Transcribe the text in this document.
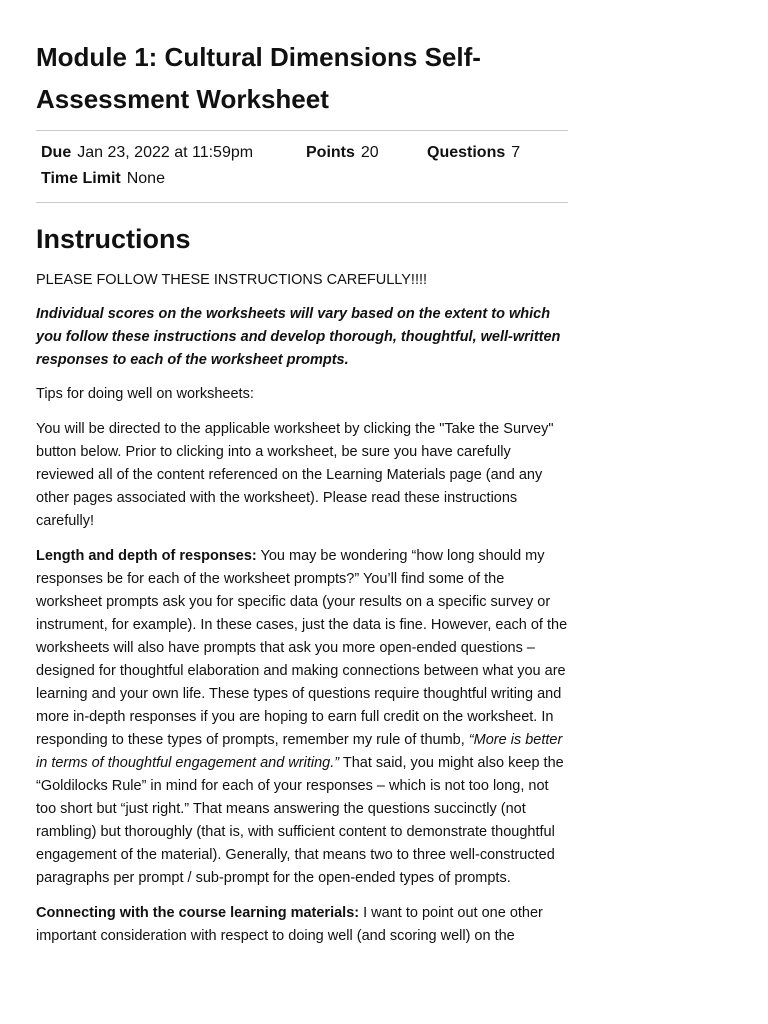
Module 1: Cultural Dimensions Self-Assessment Worksheet
Due Jan 23, 2022 at 11:59pm	Points 20	Questions 7
Time Limit None
Instructions

PLEASE FOLLOW THESE INSTRUCTIONS CAREFULLY!!!!

Individual scores on the worksheets will vary based on the extent to which you follow these instructions and develop thorough, thoughtful, well-written responses to each of the worksheet prompts.

Tips for doing well on worksheets:

You will be directed to the applicable worksheet by clicking the "Take the Survey" button below. Prior to clicking into a worksheet, be sure you have carefully reviewed all of the content referenced on the Learning Materials page (and any other pages associated with the worksheet). Please read these instructions carefully!

Length and depth of responses: You may be wondering “how long should my responses be for each of the worksheet prompts?” You’ll find some of the worksheet prompts ask you for specific data (your results on a specific survey or instrument, for example). In these cases, just the data is fine. However, each of the worksheets will also have prompts that ask you more open-ended questions – designed for thoughtful elaboration and making connections between what you are learning and your own life. These types of questions require thoughtful writing and more in-depth responses if you are hoping to earn full credit on the worksheet. In responding to these types of prompts, remember my rule of thumb, “More is better in terms of thoughtful engagement and writing.” That said, you might also keep the “Goldilocks Rule” in mind for each of your responses – which is not too long, not too short but “just right.” That means answering the questions succinctly (not rambling) but thoroughly (that is, with sufficient content to demonstrate thoughtful engagement of the material). Generally, that means two to three well-constructed paragraphs per prompt / sub-prompt for the open-ended types of prompts.

Connecting with the course learning materials: I want to point out one other important consideration with respect to doing well (and scoring well) on the
